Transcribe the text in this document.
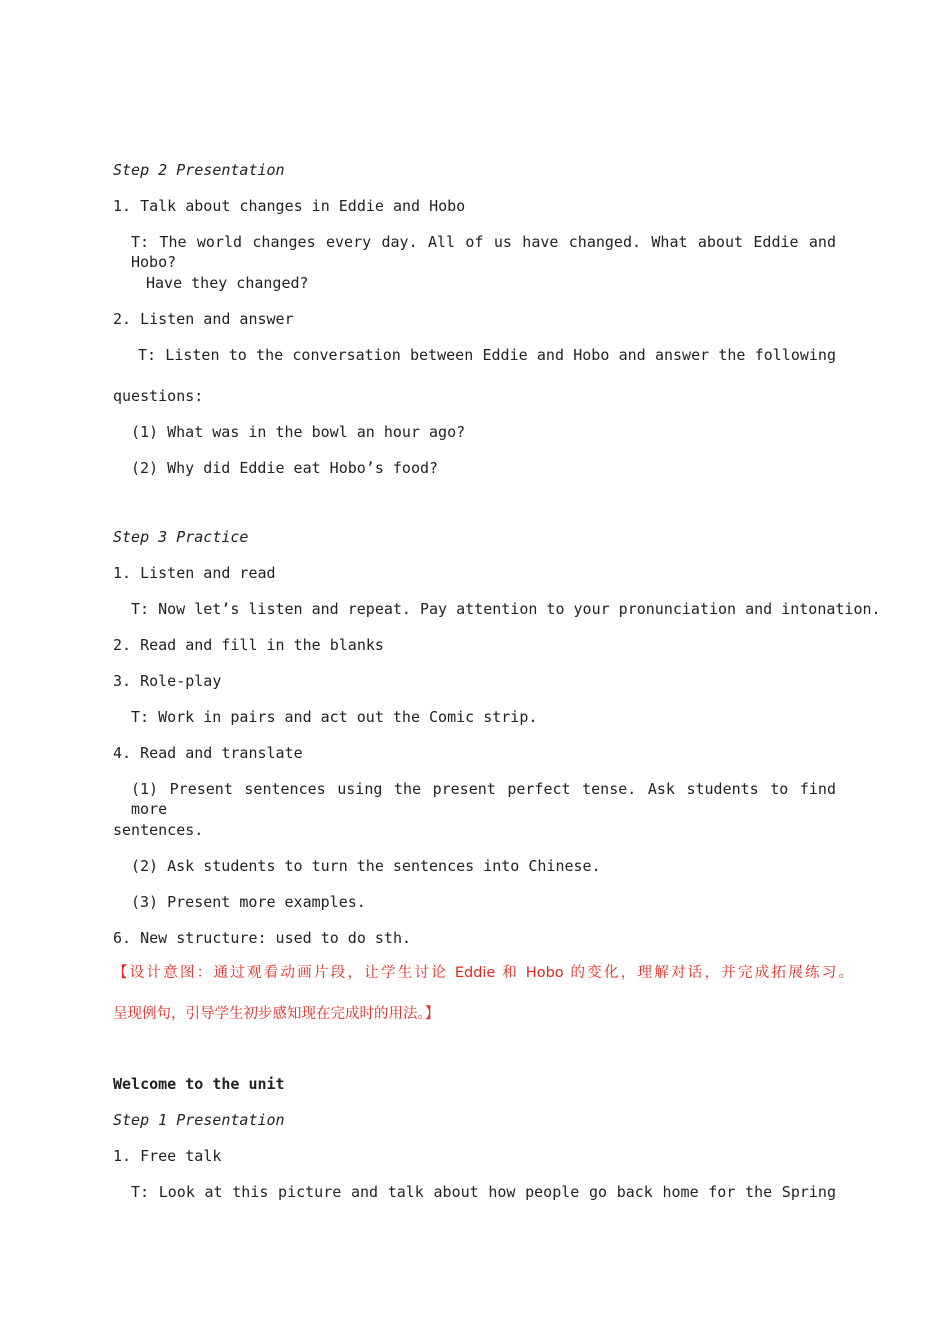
Step 2 Presentation
1. Talk about changes in Eddie and Hobo
T: The world changes every day. All of us have changed. What about Eddie and Hobo?
Have they changed?
2. Listen and answer
T: Listen to the conversation between Eddie and Hobo and answer the following
questions:
(1) What was in the bowl an hour ago?
(2) Why did Eddie eat Hobo’s food?
Step 3 Practice
1. Listen and read
T: Now let’s listen and repeat. Pay attention to your pronunciation and intonation.
2. Read and fill in the blanks
3. Role-play
T: Work in pairs and act out the Comic strip.
4. Read and translate
(1) Present sentences using the present perfect tense. Ask students to find more
sentences.
(2) Ask students to turn the sentences into Chinese.
(3) Present more examples.
6. New structure: used to do sth.
【设计意图：通过观看动画片段，让学生讨论 Eddie 和 Hobo 的变化，理解对话，并完成拓展练习。
呈现例句，引导学生初步感知现在完成时的用法。】
Welcome to the unit
Step 1 Presentation
1. Free talk
T: Look at this picture and talk about how people go back home for the Spring
